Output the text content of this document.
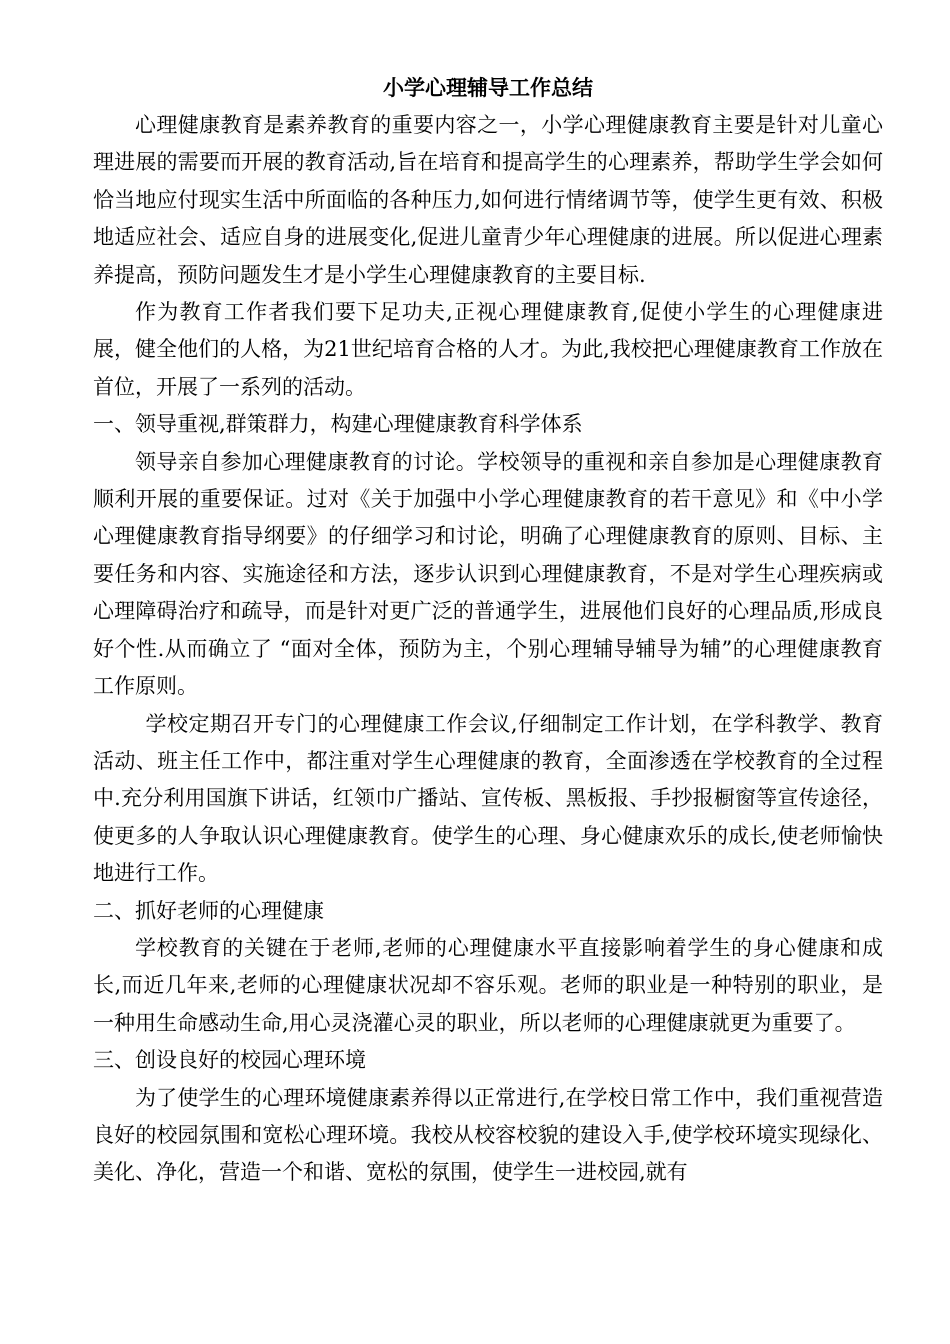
小学心理辅导工作总结

心理健康教育是素养教育的重要内容之一，小学心理健康教育主要是针对儿童心理进展的需要而开展的教育活动,旨在培育和提高学生的心理素养，帮助学生学会如何恰当地应付现实生活中所面临的各种压力,如何进行情绪调节等，使学生更有效、积极地适应社会、适应自身的进展变化,促进儿童青少年心理健康的进展。所以促进心理素养提高，预防问题发生才是小学生心理健康教育的主要目标.

作为教育工作者我们要下足功夫,正视心理健康教育,促使小学生的心理健康进展，健全他们的人格，为21世纪培育合格的人才。为此,我校把心理健康教育工作放在首位，开展了一系列的活动。

一、领导重视,群策群力，构建心理健康教育科学体系

领导亲自参加心理健康教育的讨论。学校领导的重视和亲自参加是心理健康教育顺利开展的重要保证。过对《关于加强中小学心理健康教育的若干意见》和《中小学心理健康教育指导纲要》的仔细学习和讨论，明确了心理健康教育的原则、目标、主要任务和内容、实施途径和方法，逐步认识到心理健康教育，不是对学生心理疾病或心理障碍治疗和疏导，而是针对更广泛的普通学生，进展他们良好的心理品质,形成良好个性.从而确立了 “面对全体，预防为主，个别心理辅导辅导为辅”的心理健康教育工作原则。

学校定期召开专门的心理健康工作会议,仔细制定工作计划，在学科教学、教育活动、班主任工作中，都注重对学生心理健康的教育，全面渗透在学校教育的全过程中.充分利用国旗下讲话，红领巾广播站、宣传板、黑板报、手抄报橱窗等宣传途径，使更多的人争取认识心理健康教育。使学生的心理、身心健康欢乐的成长,使老师愉快地进行工作。

二、抓好老师的心理健康

学校教育的关键在于老师,老师的心理健康水平直接影响着学生的身心健康和成长,而近几年来,老师的心理健康状况却不容乐观。老师的职业是一种特别的职业，是一种用生命感动生命,用心灵浇灌心灵的职业，所以老师的心理健康就更为重要了。

三、创设良好的校园心理环境

为了使学生的心理环境健康素养得以正常进行,在学校日常工作中，我们重视营造良好的校园氛围和宽松心理环境。我校从校容校貌的建设入手,使学校环境实现绿化、美化、净化，营造一个和谐、宽松的氛围，使学生一进校园,就有
